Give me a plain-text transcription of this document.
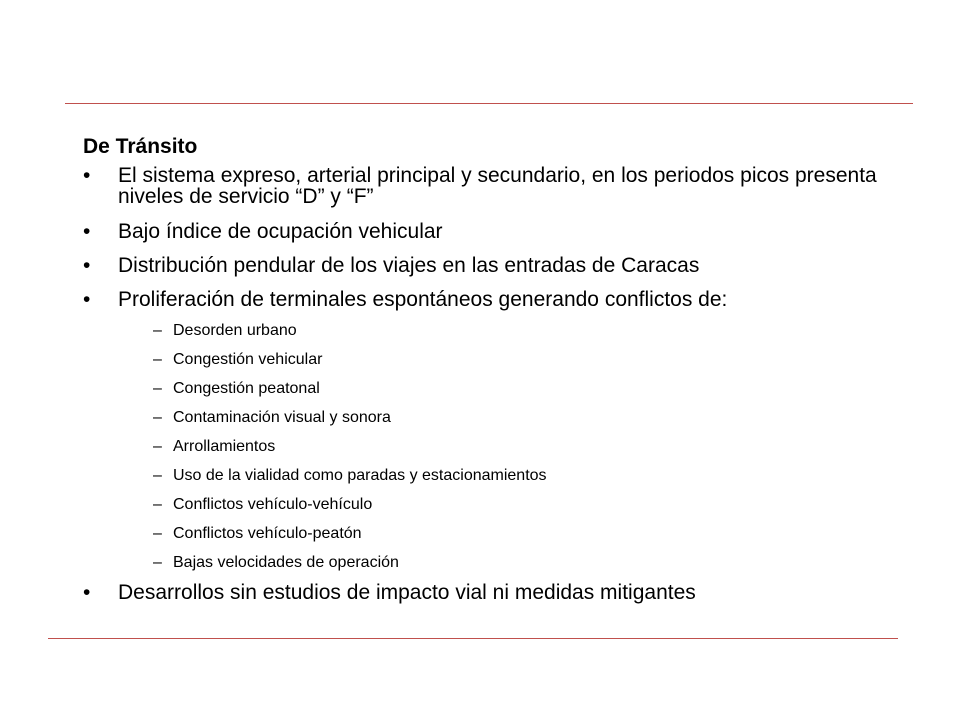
De Tránsito
• El sistema expreso, arterial principal y secundario, en los periodos picos presenta niveles de servicio “D” y “F”
• Bajo índice de ocupación vehicular
• Distribución pendular de los viajes en las entradas de Caracas
• Proliferación de terminales espontáneos generando conflictos de:
– Desorden urbano
– Congestión vehicular
– Congestión peatonal
– Contaminación visual y sonora
– Arrollamientos
– Uso de la vialidad como paradas y estacionamientos
– Conflictos vehículo-vehículo
– Conflictos vehículo-peatón
– Bajas velocidades de operación
• Desarrollos sin estudios de impacto vial ni medidas mitigantes
